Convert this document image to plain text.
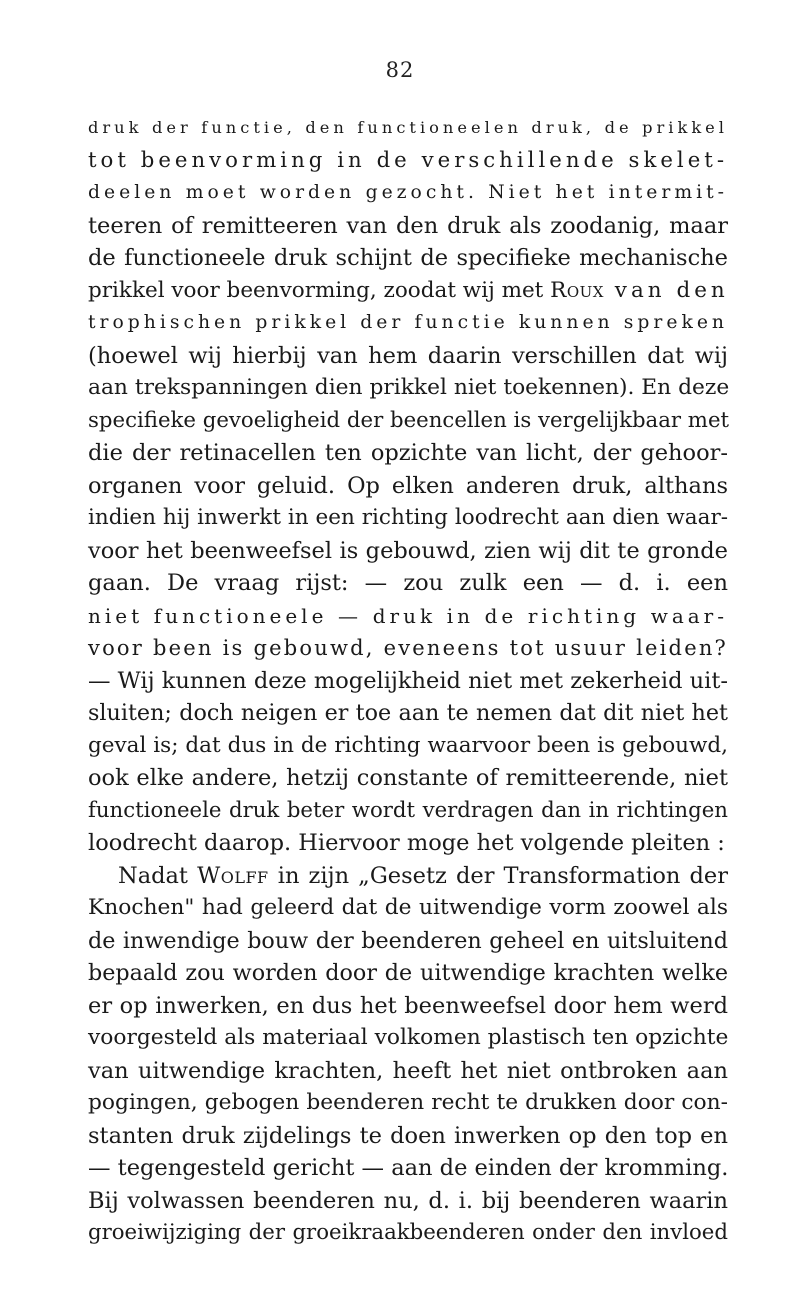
82
druk der functie, den functioneelen druk, de prikkel
tot beenvorming in de verschillende skelet-
deelen moet worden gezocht. Niet het intermit-
teeren of remitteeren van den druk als zoodanig, maar
de functioneele druk schijnt de specifieke mechanische
prikkel voor beenvorming, zoodat wij met Roux van den
trophischen prikkel der functie kunnen spreken
(hoewel wij hierbij van hem daarin verschillen dat wij
aan trekspanningen dien prikkel niet toekennen). En deze
specifieke gevoeligheid der beencellen is vergelijkbaar met
die der retinacellen ten opzichte van licht, der gehoor-
organen voor geluid. Op elken anderen druk, althans
indien hij inwerkt in een richting loodrecht aan dien waar-
voor het beenweefsel is gebouwd, zien wij dit te gronde
gaan. De vraag rijst: — zou zulk een — d. i. een
niet functioneele — druk in de richting waar-
voor been is gebouwd, eveneens tot usuur leiden?
— Wij kunnen deze mogelijkheid niet met zekerheid uit-
sluiten; doch neigen er toe aan te nemen dat dit niet het
geval is; dat dus in de richting waarvoor been is gebouwd,
ook elke andere, hetzij constante of remitteerende, niet
functioneele druk beter wordt verdragen dan in richtingen
loodrecht daarop. Hiervoor moge het volgende pleiten :
Nadat Wolff in zijn „Gesetz der Transformation der
Knochen" had geleerd dat de uitwendige vorm zoowel als
de inwendige bouw der beenderen geheel en uitsluitend
bepaald zou worden door de uitwendige krachten welke
er op inwerken, en dus het beenweefsel door hem werd
voorgesteld als materiaal volkomen plastisch ten opzichte
van uitwendige krachten, heeft het niet ontbroken aan
pogingen, gebogen beenderen recht te drukken door con-
stanten druk zijdelings te doen inwerken op den top en
— tegengesteld gericht — aan de einden der kromming.
Bij volwassen beenderen nu, d. i. bij beenderen waarin
groeiwijziging der groeikraakbeenderen onder den invloed
